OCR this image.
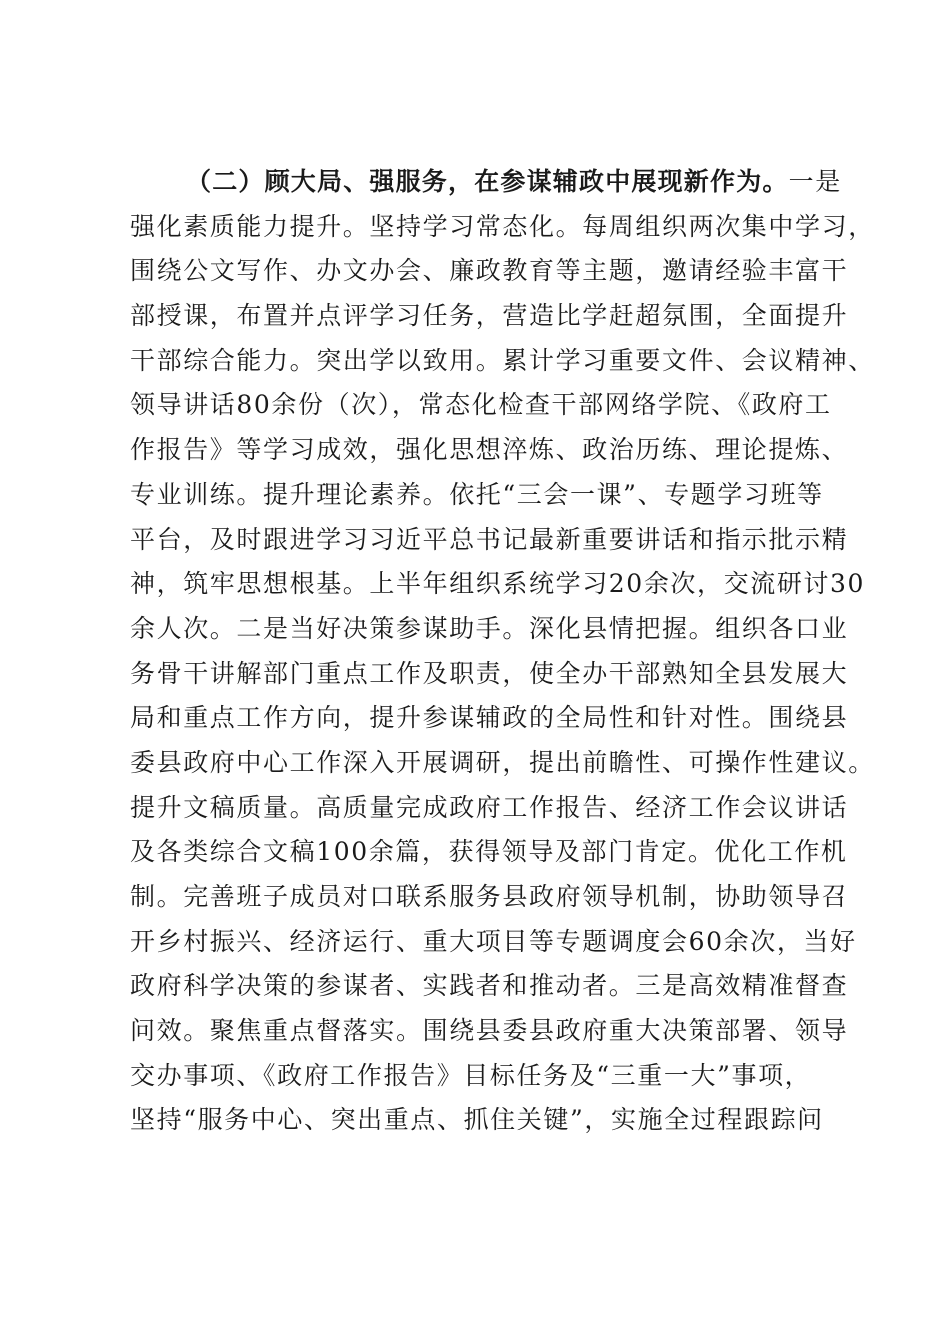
（二）顾大局、强服务，在参谋辅政中展现新作为。一是
强化素质能力提升。坚持学习常态化。每周组织两次集中学习，
围绕公文写作、办文办会、廉政教育等主题，邀请经验丰富干
部授课，布置并点评学习任务，营造比学赶超氛围，全面提升
干部综合能力。突出学以致用。累计学习重要文件、会议精神、
领导讲话80余份（次），常态化检查干部网络学院、《政府工
作报告》等学习成效，强化思想淬炼、政治历练、理论提炼、
专业训练。提升理论素养。依托“三会一课”、专题学习班等
平台，及时跟进学习习近平总书记最新重要讲话和指示批示精
神，筑牢思想根基。上半年组织系统学习20余次，交流研讨30
余人次。二是当好决策参谋助手。深化县情把握。组织各口业
务骨干讲解部门重点工作及职责，使全办干部熟知全县发展大
局和重点工作方向，提升参谋辅政的全局性和针对性。围绕县
委县政府中心工作深入开展调研，提出前瞻性、可操作性建议。
提升文稿质量。高质量完成政府工作报告、经济工作会议讲话
及各类综合文稿100余篇，获得领导及部门肯定。优化工作机
制。完善班子成员对口联系服务县政府领导机制，协助领导召
开乡村振兴、经济运行、重大项目等专题调度会60余次，当好
政府科学决策的参谋者、实践者和推动者。三是高效精准督查
问效。聚焦重点督落实。围绕县委县政府重大决策部署、领导
交办事项、《政府工作报告》目标任务及“三重一大”事项，
坚持“服务中心、突出重点、抓住关键”，实施全过程跟踪问
